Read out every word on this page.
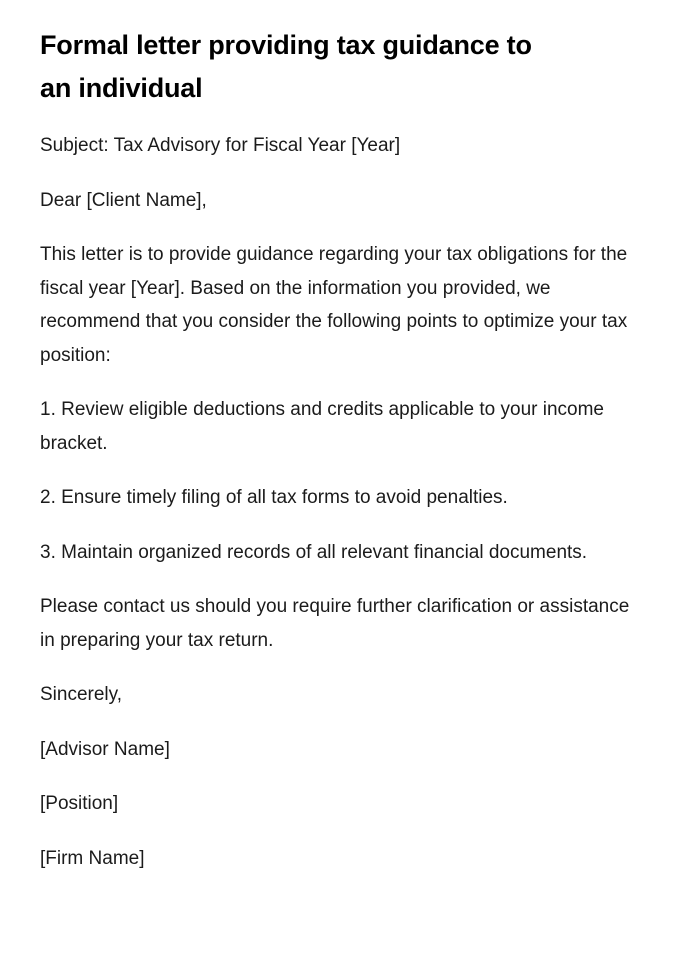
Formal letter providing tax guidance to an individual

Subject: Tax Advisory for Fiscal Year [Year]

Dear [Client Name],

This letter is to provide guidance regarding your tax obligations for the fiscal year [Year]. Based on the information you provided, we recommend that you consider the following points to optimize your tax position:

1. Review eligible deductions and credits applicable to your income bracket.

2. Ensure timely filing of all tax forms to avoid penalties.

3. Maintain organized records of all relevant financial documents.

Please contact us should you require further clarification or assistance in preparing your tax return.

Sincerely,

[Advisor Name]

[Position]

[Firm Name]
